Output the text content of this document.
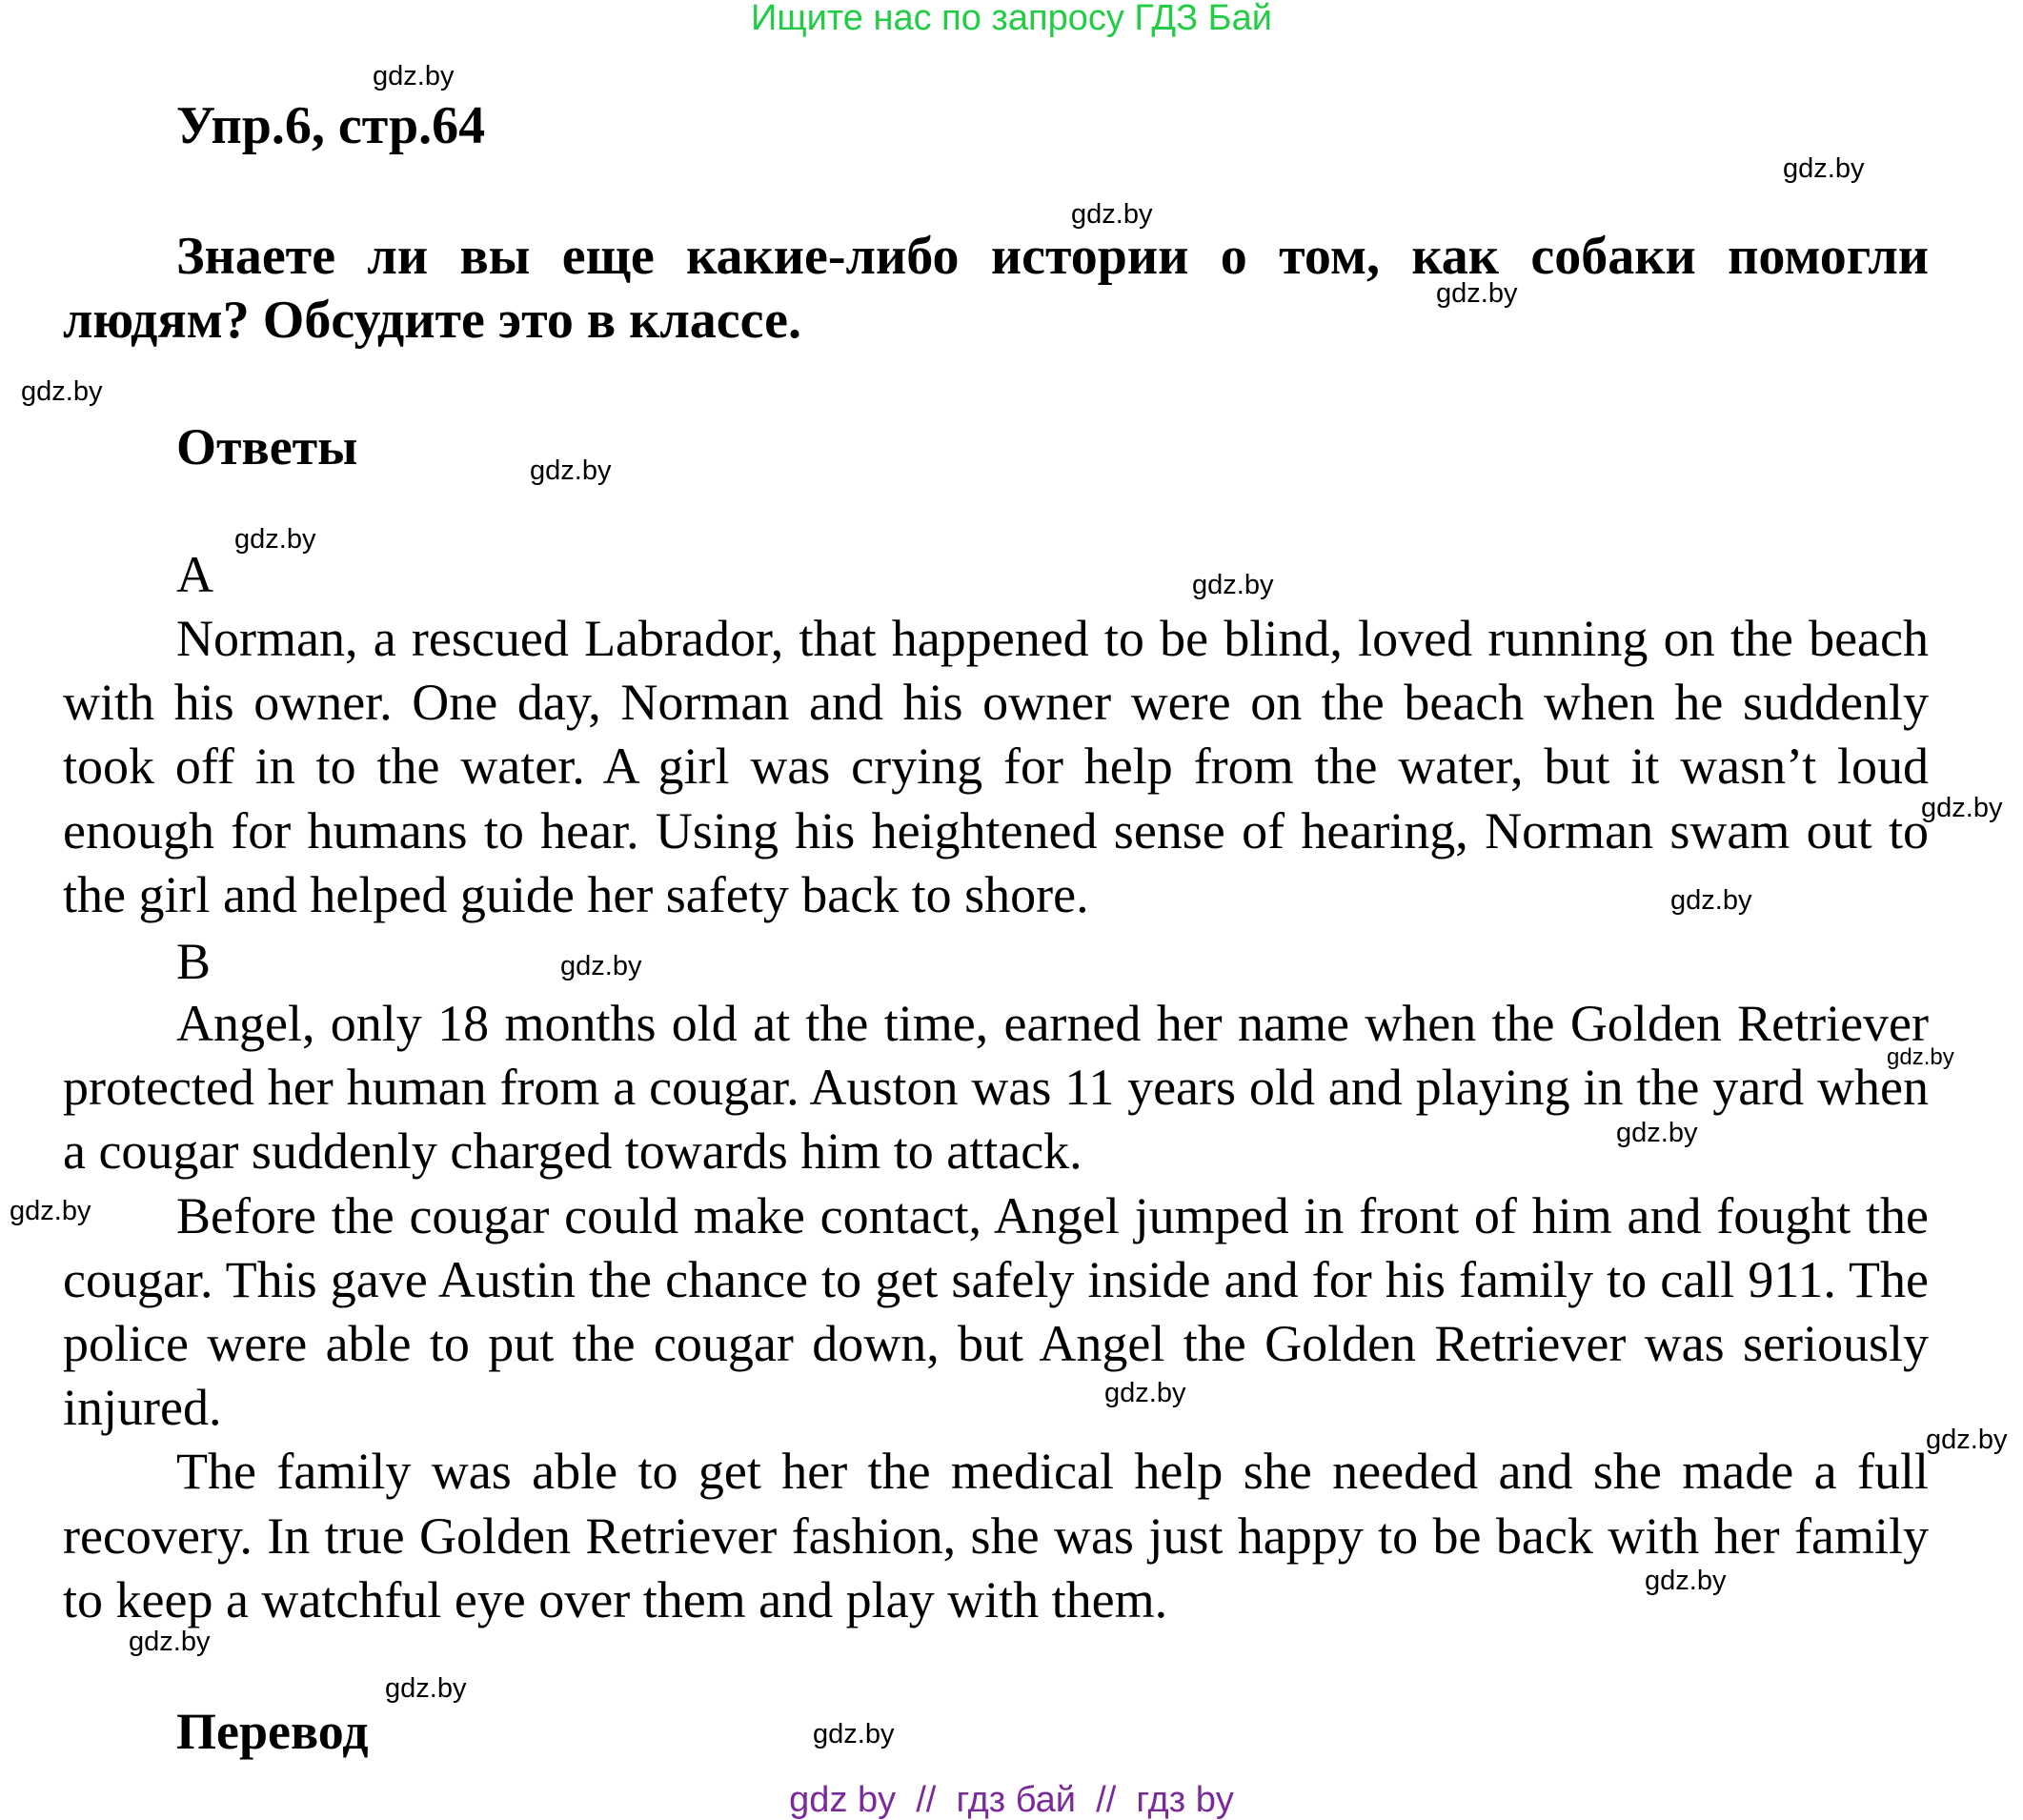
Ищите нас по запросу ГДЗ Бай
Упр.6, стр.64
Знаете ли вы еще какие-либо истории о том, как собаки помогли людям? Обсудите это в классе.
Ответы
A

Norman, a rescued Labrador, that happened to be blind, loved running on the beach with his owner. One day, Norman and his owner were on the beach when he suddenly took off in to the water. A girl was crying for help from the water, but it wasn’t loud enough for humans to hear. Using his heightened sense of hearing, Norman swam out to the girl and helped guide her safety back to shore.

B

Angel, only 18 months old at the time, earned her name when the Golden Retriever protected her human from a cougar. Auston was 11 years old and playing in the yard when a cougar suddenly charged towards him to attack.

Before the cougar could make contact, Angel jumped in front of him and fought the cougar. This gave Austin the chance to get safely inside and for his family to call 911. The police were able to put the cougar down, but Angel the Golden Retriever was seriously injured.

The family was able to get her the medical help she needed and she made a full recovery. In true Golden Retriever fashion, she was just happy to be back with her family to keep a watchful eye over them and play with them.

Перевод
gdz.by
gdz.by
gdz.by
gdz.by
gdz.by
gdz.by
gdz.by
gdz.by
gdz.by
gdz.by
gdz.by
gdz.by
gdz.by
gdz.by
gdz.by
gdz.by
gdz.by
gdz.by
gdz.by
gdz.by
gdz by  //  гдз бай  //  гдз by
